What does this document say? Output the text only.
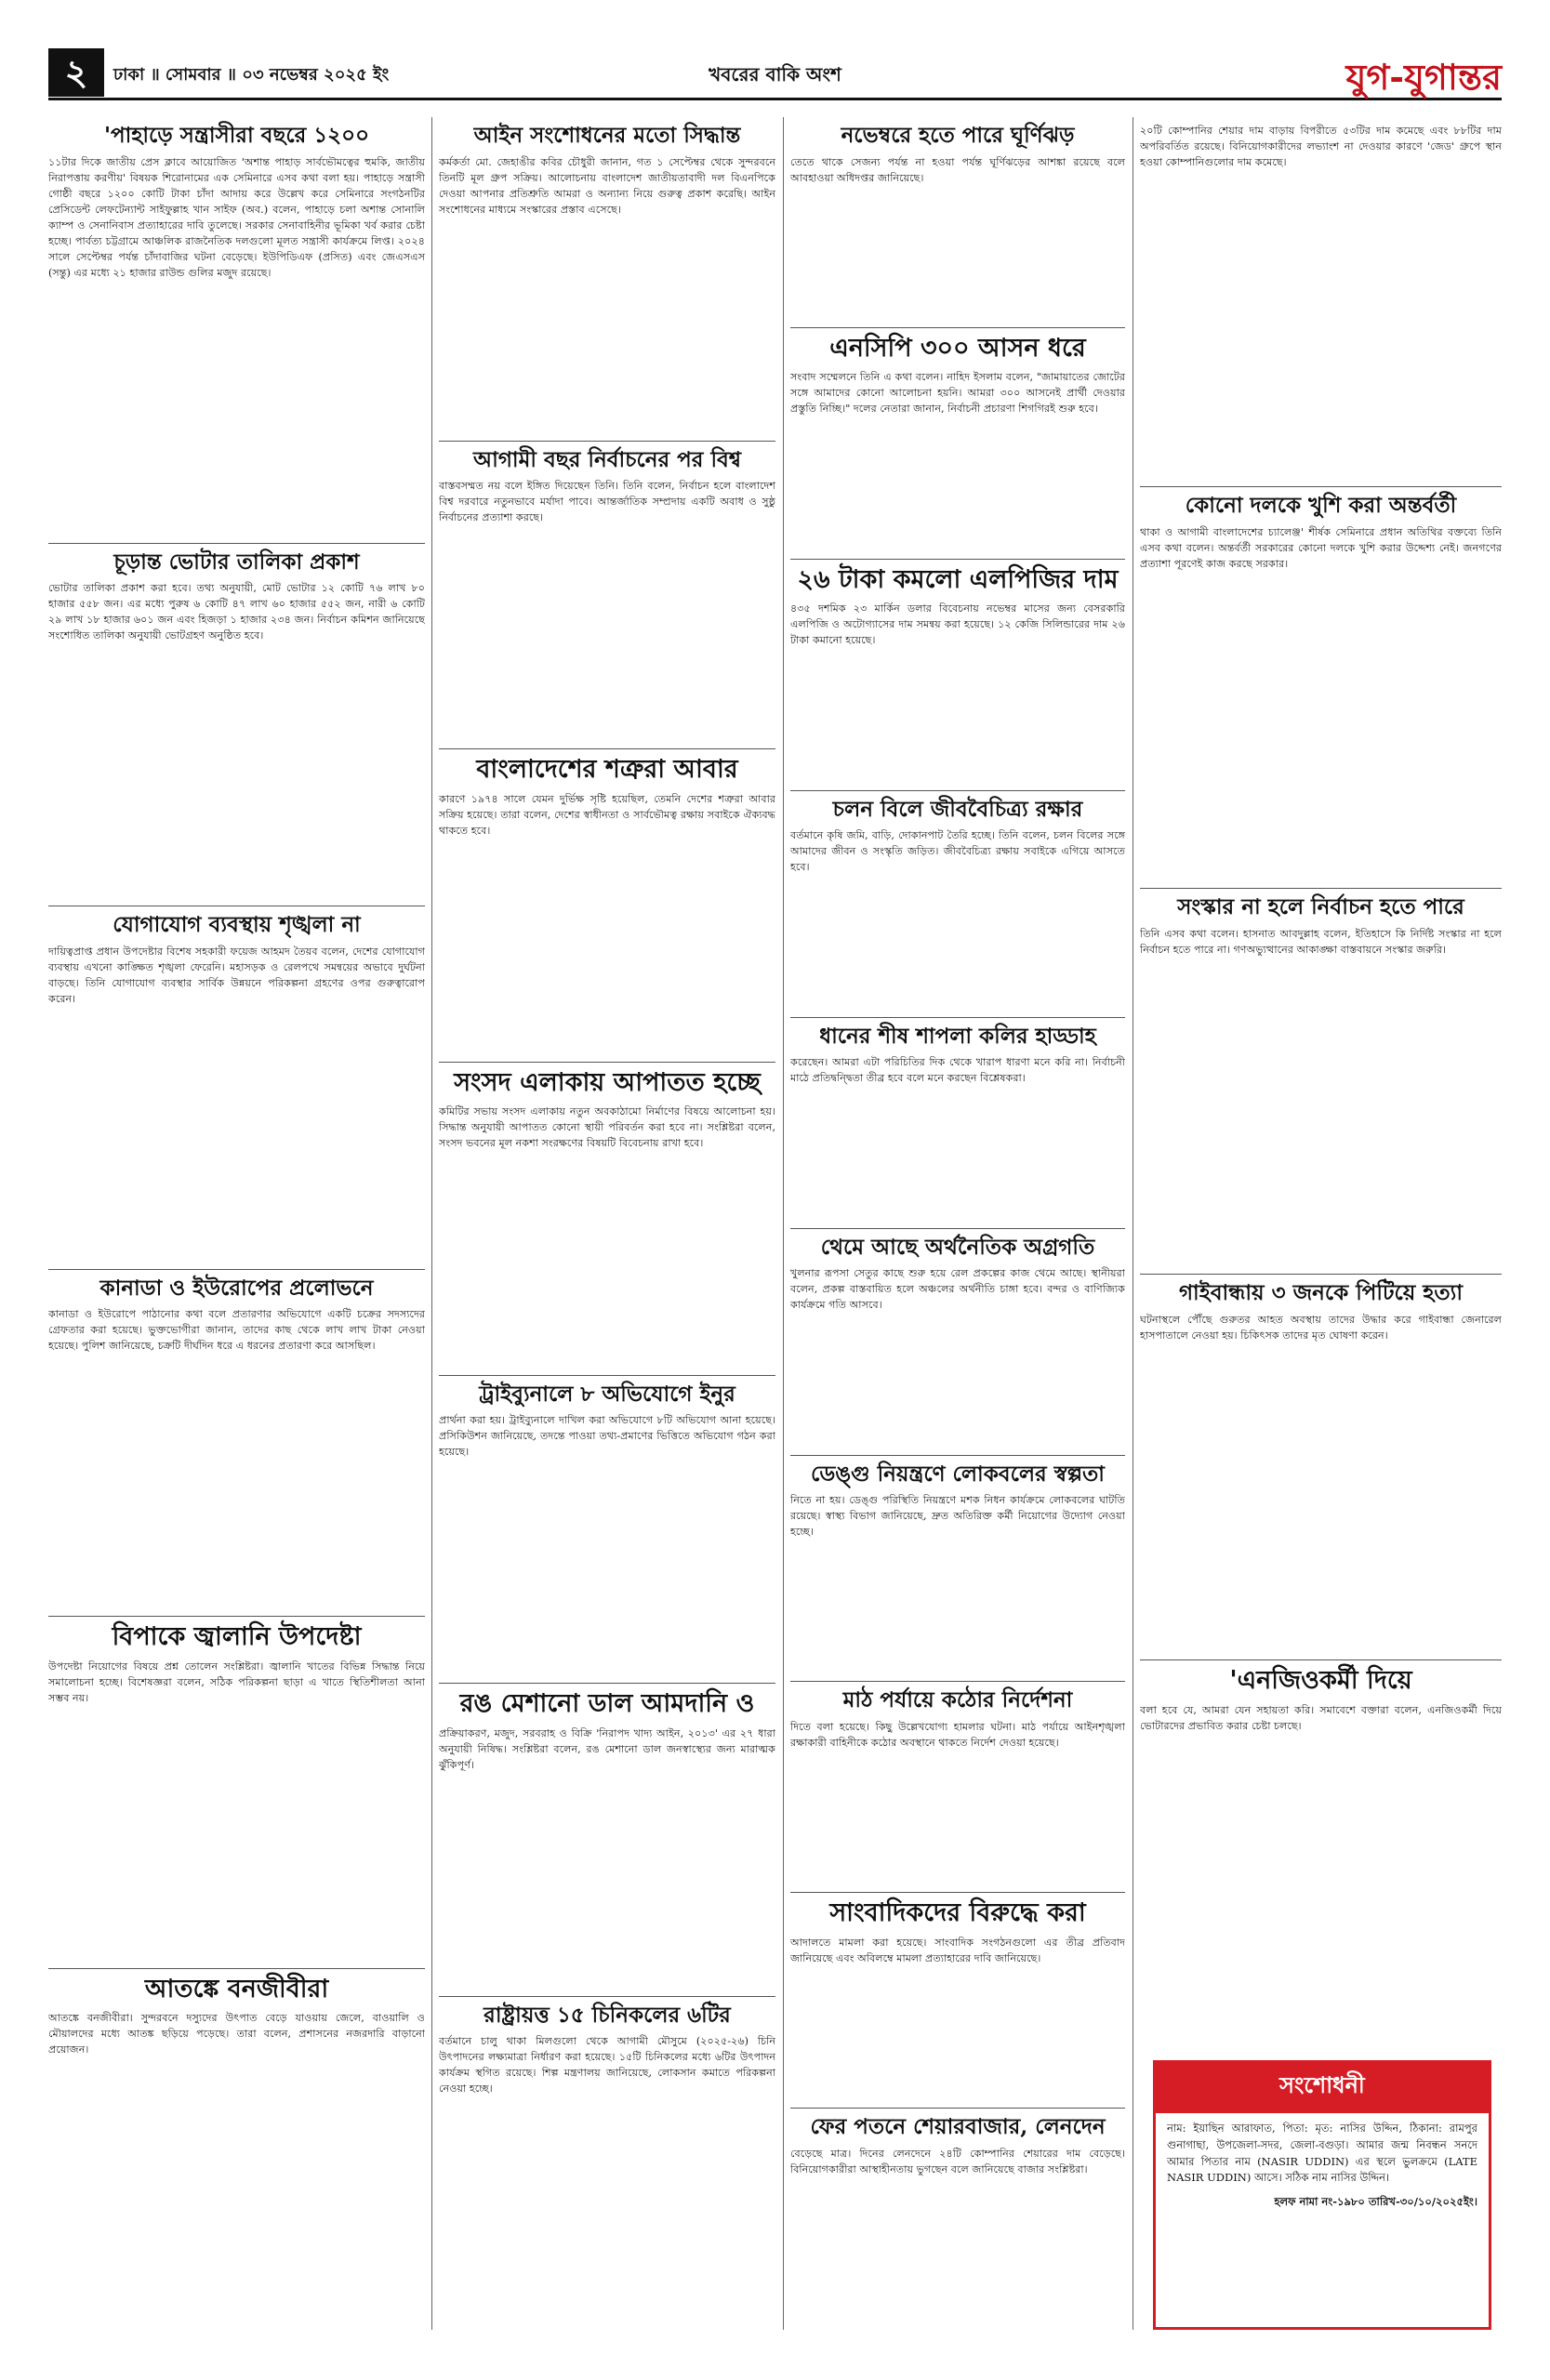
২	ঢাকা ॥ সোমবার ॥ ০৩ নভেম্বর ২০২৫ ইং	খবরের বাকি অংশ	যুগ-যুগান্তর
'পাহাড়ে সন্ত্রাসীরা বছরে ১২০০
১১টার দিকে জাতীয় প্রেস ক্লাবে আয়োজিত 'অশান্ত পাহাড় সার্বভৌমত্বের হুমকি, জাতীয় নিরাপত্তায় করণীয়' বিষয়ক শিরোনামের এক সেমিনারে এসব কথা বলা হয়। পাহাড়ে সন্ত্রাসী গোষ্ঠী বছরে ১২০০ কোটি টাকা চাঁদা আদায় করে উল্লেখ করে সেমিনারে সংগঠনটির প্রেসিডেন্ট লেফটেন্যান্ট সাইফুল্লাহ খান সাইফ (অব.) বলেন, পাহাড়ে চলা অশান্ত সোনালি ক্যাম্প ও সেনানিবাস প্রত্যাহারের দাবি তুলেছে। সরকার সেনাবাহিনীর ভূমিকা খর্ব করার চেষ্টা হচ্ছে। পার্বত্য চট্টগ্রামে আঞ্চলিক রাজনৈতিক দলগুলো মূলত সন্ত্রাসী কার্যক্রমে লিপ্ত। ২০২৪ সালে সেপ্টেম্বর পর্যন্ত চাঁদাবাজির ঘটনা বেড়েছে। ইউপিডিএফ (প্রসিত) এবং জেএসএস (সন্তু) এর মধ্যে ২১ হাজার রাউন্ড গুলির মজুদ রয়েছে।
চূড়ান্ত ভোটার তালিকা প্রকাশ
ভোটার তালিকা প্রকাশ করা হবে। তথ্য অনুযায়ী, মোট ভোটার ১২ কোটি ৭৬ লাখ ৮০ হাজার ৫৫৮ জন। এর মধ্যে পুরুষ ৬ কোটি ৪৭ লাখ ৬০ হাজার ৫৫২ জন, নারী ৬ কোটি ২৯ লাখ ১৮ হাজার ৬০১ জন এবং হিজড়া ১ হাজার ২৩৪ জন। নির্বাচন কমিশন জানিয়েছে সংশোধিত তালিকা অনুযায়ী ভোটগ্রহণ অনুষ্ঠিত হবে।
যোগাযোগ ব্যবস্থায় শৃঙ্খলা না
দায়িত্বপ্রাপ্ত প্রধান উপদেষ্টার বিশেষ সহকারী ফয়েজ আহমদ তৈয়ব বলেন, দেশের যোগাযোগ ব্যবস্থায় এখনো কাঙ্ক্ষিত শৃঙ্খলা ফেরেনি। মহাসড়ক ও রেলপথে সমন্বয়ের অভাবে দুর্ঘটনা বাড়ছে। তিনি যোগাযোগ ব্যবস্থার সার্বিক উন্নয়নে পরিকল্পনা গ্রহণের ওপর গুরুত্বারোপ করেন।
কানাডা ও ইউরোপের প্রলোভনে
কানাডা ও ইউরোপে পাঠানোর কথা বলে প্রতারণার অভিযোগে একটি চক্রের সদস্যদের গ্রেফতার করা হয়েছে। ভুক্তভোগীরা জানান, তাদের কাছ থেকে লাখ লাখ টাকা নেওয়া হয়েছে। পুলিশ জানিয়েছে, চক্রটি দীর্ঘদিন ধরে এ ধরনের প্রতারণা করে আসছিল।
বিপাকে জ্বালানি উপদেষ্টা
উপদেষ্টা নিয়োগের বিষয়ে প্রশ্ন তোলেন সংশ্লিষ্টরা। জ্বালানি খাতের বিভিন্ন সিদ্ধান্ত নিয়ে সমালোচনা হচ্ছে। বিশেষজ্ঞরা বলেন, সঠিক পরিকল্পনা ছাড়া এ খাতে স্থিতিশীলতা আনা সম্ভব নয়।
আতঙ্কে বনজীবীরা
আতঙ্কে বনজীবীরা। সুন্দরবনে দস্যুদের উৎপাত বেড়ে যাওয়ায় জেলে, বাওয়ালি ও মৌয়ালদের মধ্যে আতঙ্ক ছড়িয়ে পড়েছে। তারা বলেন, প্রশাসনের নজরদারি বাড়ানো প্রয়োজন।
আইন সংশোধনের মতো সিদ্ধান্ত
কর্মকর্তা মো. জেহাঙীর কবির চৌধুরী জানান, গত ১ সেপ্টেম্বর থেকে সুন্দরবনে তিনটি মূল গ্রুপ সক্রিয়। আলোচনায় বাংলাদেশ জাতীয়তাবাদী দল বিএনপিকে দেওয়া আপনার প্রতিশ্রুতি আমরা ও অন্যান্য নিয়ে গুরুত্ব প্রকাশ করেছি। আইন সংশোধনের মাধ্যমে সংস্কারের প্রস্তাব এসেছে।
আগামী বছর নির্বাচনের পর বিশ্ব
বাস্তবসম্মত নয় বলে ইঙ্গিত দিয়েছেন তিনি। তিনি বলেন, নির্বাচন হলে বাংলাদেশ বিশ্ব দরবারে নতুনভাবে মর্যাদা পাবে। আন্তর্জাতিক সম্প্রদায় একটি অবাধ ও সুষ্ঠু নির্বাচনের প্রত্যাশা করছে।
বাংলাদেশের শত্রুরা আবার
কারণে ১৯৭৪ সালে যেমন দুর্ভিক্ষ সৃষ্টি হয়েছিল, তেমনি দেশের শত্রুরা আবার সক্রিয় হয়েছে। তারা বলেন, দেশের স্বাধীনতা ও সার্বভৌমত্ব রক্ষায় সবাইকে ঐক্যবদ্ধ থাকতে হবে।
সংসদ এলাকায় আপাতত হচ্ছে
কমিটির সভায় সংসদ এলাকায় নতুন অবকাঠামো নির্মাণের বিষয়ে আলোচনা হয়। সিদ্ধান্ত অনুযায়ী আপাতত কোনো স্থায়ী পরিবর্তন করা হবে না। সংশ্লিষ্টরা বলেন, সংসদ ভবনের মূল নকশা সংরক্ষণের বিষয়টি বিবেচনায় রাখা হবে।
ট্রাইব্যুনালে ৮ অভিযোগে ইনুর
প্রার্থনা করা হয়। ট্রাইব্যুনালে দাখিল করা অভিযোগে ৮টি অভিযোগ আনা হয়েছে। প্রসিকিউশন জানিয়েছে, তদন্তে পাওয়া তথ্য-প্রমাণের ভিত্তিতে অভিযোগ গঠন করা হয়েছে।
রঙ মেশানো ডাল আমদানি ও
প্রক্রিয়াকরণ, মজুদ, সরবরাহ ও বিক্রি 'নিরাপদ খাদ্য আইন, ২০১৩' এর ২৭ ধারা অনুযায়ী নিষিদ্ধ। সংশ্লিষ্টরা বলেন, রঙ মেশানো ডাল জনস্বাস্থ্যের জন্য মারাত্মক ঝুঁকিপূর্ণ।
রাষ্ট্রায়ত্ত ১৫ চিনিকলের ৬টির
বর্তমানে চালু থাকা মিলগুলো থেকে আগামী মৌসুমে (২০২৫-২৬) চিনি উৎপাদনের লক্ষ্যমাত্রা নির্ধারণ করা হয়েছে। ১৫টি চিনিকলের মধ্যে ৬টির উৎপাদন কার্যক্রম স্থগিত রয়েছে। শিল্প মন্ত্রণালয় জানিয়েছে, লোকসান কমাতে পরিকল্পনা নেওয়া হচ্ছে।
নভেম্বরে হতে পারে ঘূর্ণিঝড়
তেতে থাকে সেজন্য পর্যন্ত না হওয়া পর্যন্ত ঘূর্ণিঝড়ের আশঙ্কা রয়েছে বলে আবহাওয়া অধিদপ্তর জানিয়েছে।
এনসিপি ৩০০ আসন ধরে
সংবাদ সম্মেলনে তিনি এ কথা বলেন। নাহিদ ইসলাম বলেন, "জামায়াতের জোটের সঙ্গে আমাদের কোনো আলোচনা হয়নি। আমরা ৩০০ আসনেই প্রার্থী দেওয়ার প্রস্তুতি নিচ্ছি।" দলের নেতারা জানান, নির্বাচনী প্রচারণা শিগগিরই শুরু হবে।
২৬ টাকা কমলো এলপিজির দাম
৪৩৫ দশমিক ২৩ মার্কিন ডলার বিবেচনায় নভেম্বর মাসের জন্য বেসরকারি এলপিজি ও অটোগ্যাসের দাম সমন্বয় করা হয়েছে। ১২ কেজি সিলিন্ডারের দাম ২৬ টাকা কমানো হয়েছে।
চলন বিলে জীববৈচিত্র্য রক্ষার
বর্তমানে কৃষি জমি, বাড়ি, দোকানপাট তৈরি হচ্ছে। তিনি বলেন, চলন বিলের সঙ্গে আমাদের জীবন ও সংস্কৃতি জড়িত। জীববৈচিত্র্য রক্ষায় সবাইকে এগিয়ে আসতে হবে।
ধানের শীষ শাপলা কলির হাড্ডাহ
করেছেন। আমরা এটা পরিচিতির দিক থেকে খারাপ ধারণা মনে করি না। নির্বাচনী মাঠে প্রতিদ্বন্দ্বিতা তীব্র হবে বলে মনে করছেন বিশ্লেষকরা।
থেমে আছে অর্থনৈতিক অগ্রগতি
খুলনার রূপসা সেতুর কাছে শুরু হয়ে রেল প্রকল্পের কাজ থেমে আছে। স্থানীয়রা বলেন, প্রকল্প বাস্তবায়িত হলে অঞ্চলের অর্থনীতি চাঙ্গা হবে। বন্দর ও বাণিজ্যিক কার্যক্রমে গতি আসবে।
ডেঙ্গু নিয়ন্ত্রণে লোকবলের স্বল্পতা
নিতে না হয়। ডেঙ্গু পরিস্থিতি নিয়ন্ত্রণে মশক নিধন কার্যক্রমে লোকবলের ঘাটতি রয়েছে। স্বাস্থ্য বিভাগ জানিয়েছে, দ্রুত অতিরিক্ত কর্মী নিয়োগের উদ্যোগ নেওয়া হচ্ছে।
মাঠ পর্যায়ে কঠোর নির্দেশনা
দিতে বলা হয়েছে। কিছু উল্লেখযোগ্য হামলার ঘটনা। মাঠ পর্যায়ে আইনশৃঙ্খলা রক্ষাকারী বাহিনীকে কঠোর অবস্থানে থাকতে নির্দেশ দেওয়া হয়েছে।
সাংবাদিকদের বিরুদ্ধে করা
আদালতে মামলা করা হয়েছে। সাংবাদিক সংগঠনগুলো এর তীব্র প্রতিবাদ জানিয়েছে এবং অবিলম্বে মামলা প্রত্যাহারের দাবি জানিয়েছে।
ফের পতনে শেয়ারবাজার, লেনদেন
বেড়েছে মাত্র। দিনের লেনদেনে ২৪টি কোম্পানির শেয়ারের দাম বেড়েছে। বিনিয়োগকারীরা আস্থাহীনতায় ভুগছেন বলে জানিয়েছে বাজার সংশ্লিষ্টরা।
২০টি কোম্পানির শেয়ার দাম বাড়ায় বিপরীতে ৫৩টির দাম কমেছে এবং ৮৮টির দাম অপরিবর্তিত রয়েছে। বিনিয়োগকারীদের লভ্যাংশ না দেওয়ার কারণে 'জেড' গ্রুপে স্থান হওয়া কোম্পানিগুলোর দাম কমেছে।
কোনো দলকে খুশি করা অন্তর্বর্তী
থাকা ও আগামী বাংলাদেশের চ্যালেঞ্জ' শীর্ষক সেমিনারে প্রধান অতিথির বক্তব্যে তিনি এসব কথা বলেন। অন্তর্বর্তী সরকারের কোনো দলকে খুশি করার উদ্দেশ্য নেই। জনগণের প্রত্যাশা পূরণেই কাজ করছে সরকার।
সংস্কার না হলে নির্বাচন হতে পারে
তিনি এসব কথা বলেন। হাসনাত আবদুল্লাহ বলেন, ইতিহাসে কি নির্দিষ্ট সংস্কার না হলে নির্বাচন হতে পারে না। গণঅভ্যুত্থানের আকাঙ্ক্ষা বাস্তবায়নে সংস্কার জরুরি।
গাইবান্ধায় ৩ জনকে পিটিয়ে হত্যা
ঘটনাস্থলে পৌঁছে গুরুতর আহত অবস্থায় তাদের উদ্ধার করে গাইবান্ধা জেনারেল হাসপাতালে নেওয়া হয়। চিকিৎসক তাদের মৃত ঘোষণা করেন।
'এনজিওকর্মী দিয়ে
বলা হবে যে, আমরা যেন সহায়তা করি। সমাবেশে বক্তারা বলেন, এনজিওকর্মী দিয়ে ভোটারদের প্রভাবিত করার চেষ্টা চলছে।
সংশোধনী
নাম: ইয়াছিন আরাফাত, পিতা: মৃত: নাসির উদ্দিন, ঠিকানা: রামপুর গুনাগাছা, উপজেলা-সদর, জেলা-বগুড়া। আমার জন্ম নিবন্ধন সনদে আমার পিতার নাম (NASIR UDDIN) এর স্থলে ভুলক্রমে (LATE NASIR UDDIN) আসে। সঠিক নাম নাসির উদ্দিন।
হলফ নামা নং-১৯৮০ তারিখ-৩০/১০/২০২৫ইং।
